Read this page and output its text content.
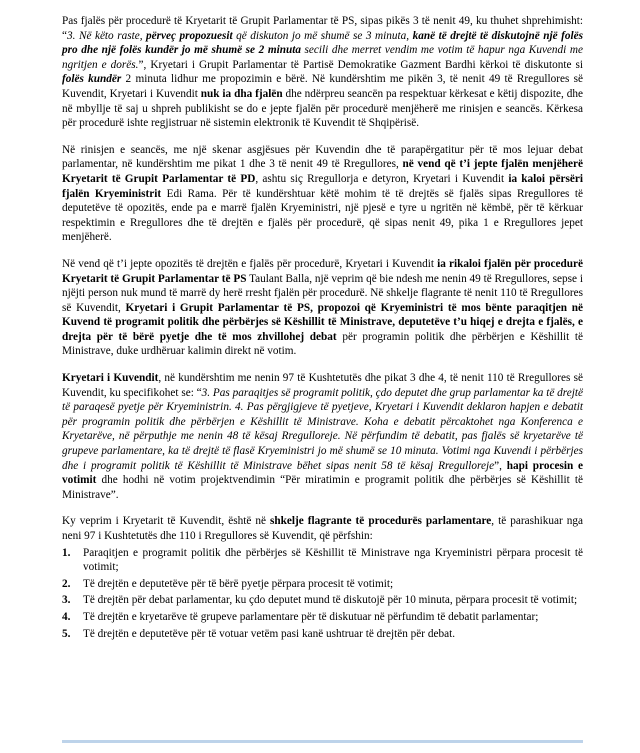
Pas fjalës për procedurë të Kryetarit të Grupit Parlamentar të PS, sipas pikës 3 të nenit 49, ku thuhet shprehimisht: “3. Në këto raste, përveç propozuesit që diskuton jo më shumë se 3 minuta, kanë të drejtë të diskutojnë një folës pro dhe një folës kundër jo më shumë se 2 minuta secili dhe merret vendim me votim të hapur nga Kuvendi me ngritjen e dorës.”, Kryetari i Grupit Parlamentar të Partisë Demokratike Gazment Bardhi kërkoi të diskutonte si folës kundër 2 minuta lidhur me propozimin e bërë. Në kundërshtim me pikën 3, të nenit 49 të Rregullores së Kuvendit, Kryetari i Kuvendit nuk ia dha fjalën dhe ndërpreu seancën pa respektuar kërkesat e këtij dispozite, dhe në mbyllje të saj u shpreh publikisht se do e jepte fjalën për procedurë menjëherë me rinisjen e seancës. Kërkesa për procedurë ishte regjistruar në sistemin elektronik të Kuvendit të Shqipërisë.

Në rinisjen e seancës, me një skenar asgjësues për Kuvendin dhe të parapërgatitur për të mos lejuar debat parlamentar, në kundërshtim me pikat 1 dhe 3 të nenit 49 të Rregullores, në vend që t’i jepte fjalën menjëherë Kryetarit të Grupit Parlamentar të PD, ashtu siç Rregullorja e detyron, Kryetari i Kuvendit ia kaloi përsëri fjalën Kryeministrit Edi Rama. Për të kundërshtuar këtë mohim të të drejtës së fjalës sipas Rregullores të deputetëve të opozitës, ende pa e marrë fjalën Kryeministri, një pjesë e tyre u ngritën në këmbë, për të kërkuar respektimin e Rregullores dhe të drejtën e fjalës për procedurë, që sipas nenit 49, pika 1 e Rregullores jepet menjëherë.

Në vend që t’i jepte opozitës të drejtën e fjalës për procedurë, Kryetari i Kuvendit ia rikaloi fjalën për procedurë Kryetarit të Grupit Parlamentar të PS Taulant Balla, një veprim që bie ndesh me nenin 49 të Rregullores, sepse i njëjti person nuk mund të marrë dy herë rresht fjalën për procedurë. Në shkelje flagrante të nenit 110 të Rregullores së Kuvendit, Kryetari i Grupit Parlamentar të PS, propozoi që Kryeministri të mos bënte paraqitjen në Kuvend të programit politik dhe përbërjes së Këshillit të Ministrave, deputetëve t’u hiqej e drejta e fjalës, e drejta për të bërë pyetje dhe të mos zhvillohej debat për programin politik dhe përbërjen e Këshillit të Ministrave, duke urdhëruar kalimin direkt në votim.

Kryetari i Kuvendit, në kundërshtim me nenin 97 të Kushtetutës dhe pikat 3 dhe 4, të nenit 110 të Rregullores së Kuvendit, ku specifikohet se: “3. Pas paraqitjes së programit politik, çdo deputet dhe grup parlamentar ka të drejtë të paraqesë pyetje për Kryeministrin. 4. Pas përgjigjeve të pyetjeve, Kryetari i Kuvendit deklaron hapjen e debatit për programin politik dhe përbërjen e Këshillit të Ministrave. Koha e debatit përcaktohet nga Konferenca e Kryetarëve, në përputhje me nenin 48 të kësaj Rregulloreje. Në përfundim të debatit, pas fjalës së kryetarëve të grupeve parlamentare, ka të drejtë të flasë Kryeministri jo më shumë se 10 minuta. Votimi nga Kuvendi i përbërjes dhe i programit politik të Këshillit të Ministrave bëhet sipas nenit 58 të kësaj Rregulloreje”, hapi procesin e votimit dhe hodhi në votim projektvendimin “Për miratimin e programit politik dhe përbërjes së Këshillit të Ministrave”.

Ky veprim i Kryetarit të Kuvendit, është në shkelje flagrante të procedurës parlamentare, të parashikuar nga neni 97 i Kushtetutës dhe 110 i Rregullores së Kuvendit, që përfshin:

1. Paraqitjen e programit politik dhe përbërjes së Këshillit të Ministrave nga Kryeministri përpara procesit të votimit;
2. Të drejtën e deputetëve për të bërë pyetje përpara procesit të votimit;
3. Të drejtën për debat parlamentar, ku çdo deputet mund të diskutojë për 10 minuta, përpara procesit të votimit;
4. Të drejtën e kryetarëve të grupeve parlamentare për të diskutuar në përfundim të debatit parlamentar;
5. Të drejtën e deputetëve për të votuar vetëm pasi kanë ushtruar të drejtën për debat.
